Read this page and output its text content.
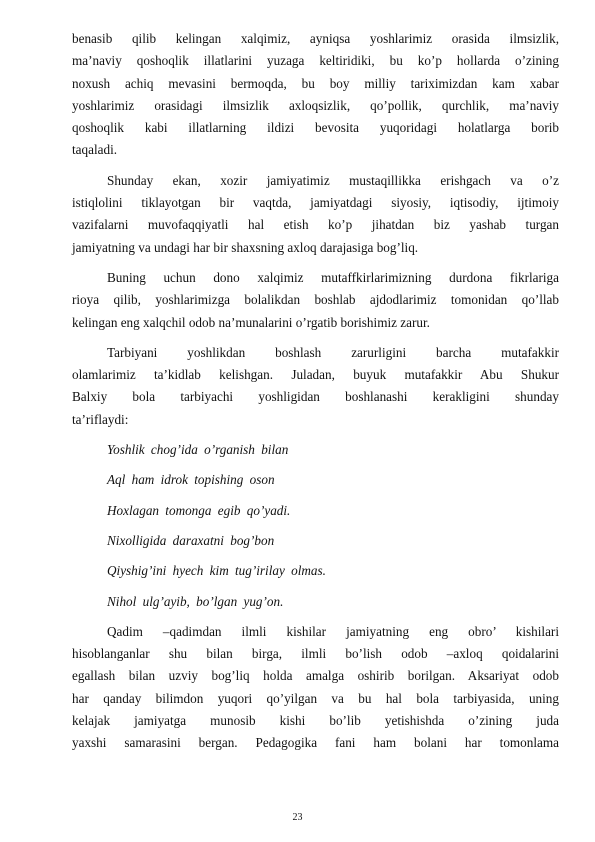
benasib qilib kelingan xalqimiz, ayniqsa yoshlarimiz orasida ilmsizlik,
ma’naviy qoshoqlik illatlarini yuzaga keltiridiki, bu ko’p hollarda o’zining
noxush achiq mevasini bermoqda, bu boy milliy tariximizdan kam xabar
yoshlarimiz orasidagi ilmsizlik axloqsizlik, qo’pollik, qurchlik, ma’naviy
qoshoqlik kabi illatlarning ildizi bevosita yuqoridagi holatlarga borib
taqaladi.

Shunday ekan, xozir jamiyatimiz mustaqillikka erishgach va o’z
istiqlolini tiklayotgan bir vaqtda, jamiyatdagi siyosiy, iqtisodiy, ijtimoiy
vazifalarni muvofaqqiyatli hal etish ko’p jihatdan biz yashab turgan
jamiyatning va undagi har bir shaxsning axloq darajasiga bog’liq.

Buning uchun dono xalqimiz mutaffkirlarimizning durdona fikrlariga
rioya qilib, yoshlarimizga bolalikdan boshlab ajdodlarimiz tomonidan qo’llab
kelingan eng xalqchil odob na’munalarini o’rgatib borishimiz zarur.

Tarbiyani yoshlikdan boshlash zarurligini barcha mutafakkir
olamlarimiz ta’kidlab kelishgan. Juladan, buyuk mutafakkir Abu Shukur
Balxiy bola tarbiyachi yoshligidan boshlanashi kerakligini shunday
ta’riflaydi:

Yoshlik chog’ida o’rganish bilan
Aql ham idrok topishing oson
Hoxlagan tomonga egib qo’yadi.
Nixolligida daraxatni bog’bon
Qiyshig’ini hyech kim tug’irilay olmas.
Nihol ulg’ayib, bo’lgan yug’on.

Qadim –qadimdan ilmli kishilar jamiyatning eng obro’ kishilari
hisoblanganlar shu bilan birga, ilmli bo’lish odob –axloq qoidalarini
egallash bilan uzviy bog’liq holda amalga oshirib borilgan. Aksariyat odob
har qanday bilimdon yuqori qo’yilgan va bu hal bola tarbiyasida, uning
kelajak jamiyatga munosib kishi bo’lib yetishishda o’zining juda
yaxshi samarasini bergan. Pedagogika fani ham bolani har tomonlama

23
